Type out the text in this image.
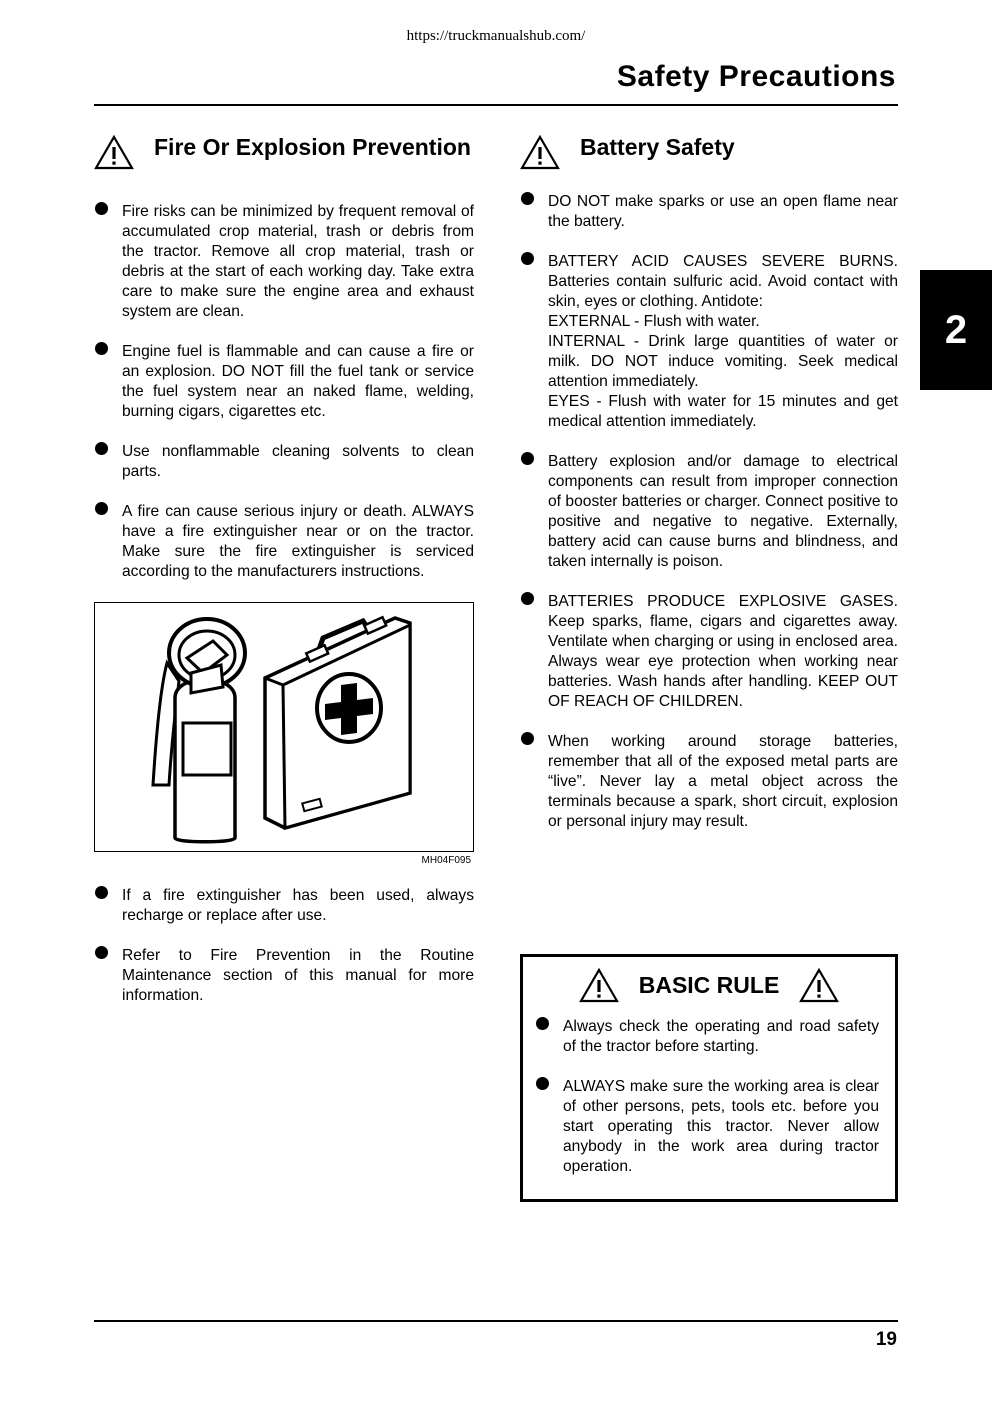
https://truckmanualshub.com/
Safety Precautions
2
Fire Or Explosion Prevention
Fire risks can be minimized by frequent removal of accumulated crop material, trash or debris from the tractor. Remove all crop material, trash or debris at the start of each working day. Take extra care to make sure the engine area and exhaust system are clean.
Engine fuel is flammable and can cause a fire or an explosion. DO NOT fill the fuel tank or service the fuel system near an naked flame, welding, burning cigars, cigarettes etc.
Use nonflammable cleaning solvents to clean parts.
A fire can cause serious injury or death. ALWAYS have a fire extinguisher near or on the tractor. Make sure the fire extinguisher is serviced according to the manufacturers instructions.
MH04F095
If a fire extinguisher has been used, always recharge or replace after use.
Refer to Fire Prevention in the Routine Maintenance section of this manual for more information.
Battery Safety
DO NOT make sparks or use an open flame near the battery.
BATTERY ACID CAUSES SEVERE BURNS. Batteries contain sulfuric acid. Avoid contact with skin, eyes or clothing. Antidote:
EXTERNAL - Flush with water.
INTERNAL - Drink large quantities of water or milk. DO NOT induce vomiting. Seek medical attention immediately.
EYES - Flush with water for 15 minutes and get medical attention immediately.
Battery explosion and/or damage to electrical components can result from improper connection of booster batteries or charger. Connect positive to positive and negative to negative. Externally, battery acid can cause burns and blindness, and taken internally is poison.
BATTERIES PRODUCE EXPLOSIVE GASES. Keep sparks, flame, cigars and cigarettes away. Ventilate when charging or using in enclosed area. Always wear eye protection when working near batteries. Wash hands after handling. KEEP OUT OF REACH OF CHILDREN.
When working around storage batteries, remember that all of the exposed metal parts are “live”. Never lay a metal object across the terminals because a spark, short circuit, explosion or personal injury may result.
BASIC RULE
Always check the operating and road safety of the tractor before starting.
ALWAYS make sure the working area is clear of other persons, pets, tools etc. before you start operating this tractor. Never allow anybody in the work area during tractor operation.
19
